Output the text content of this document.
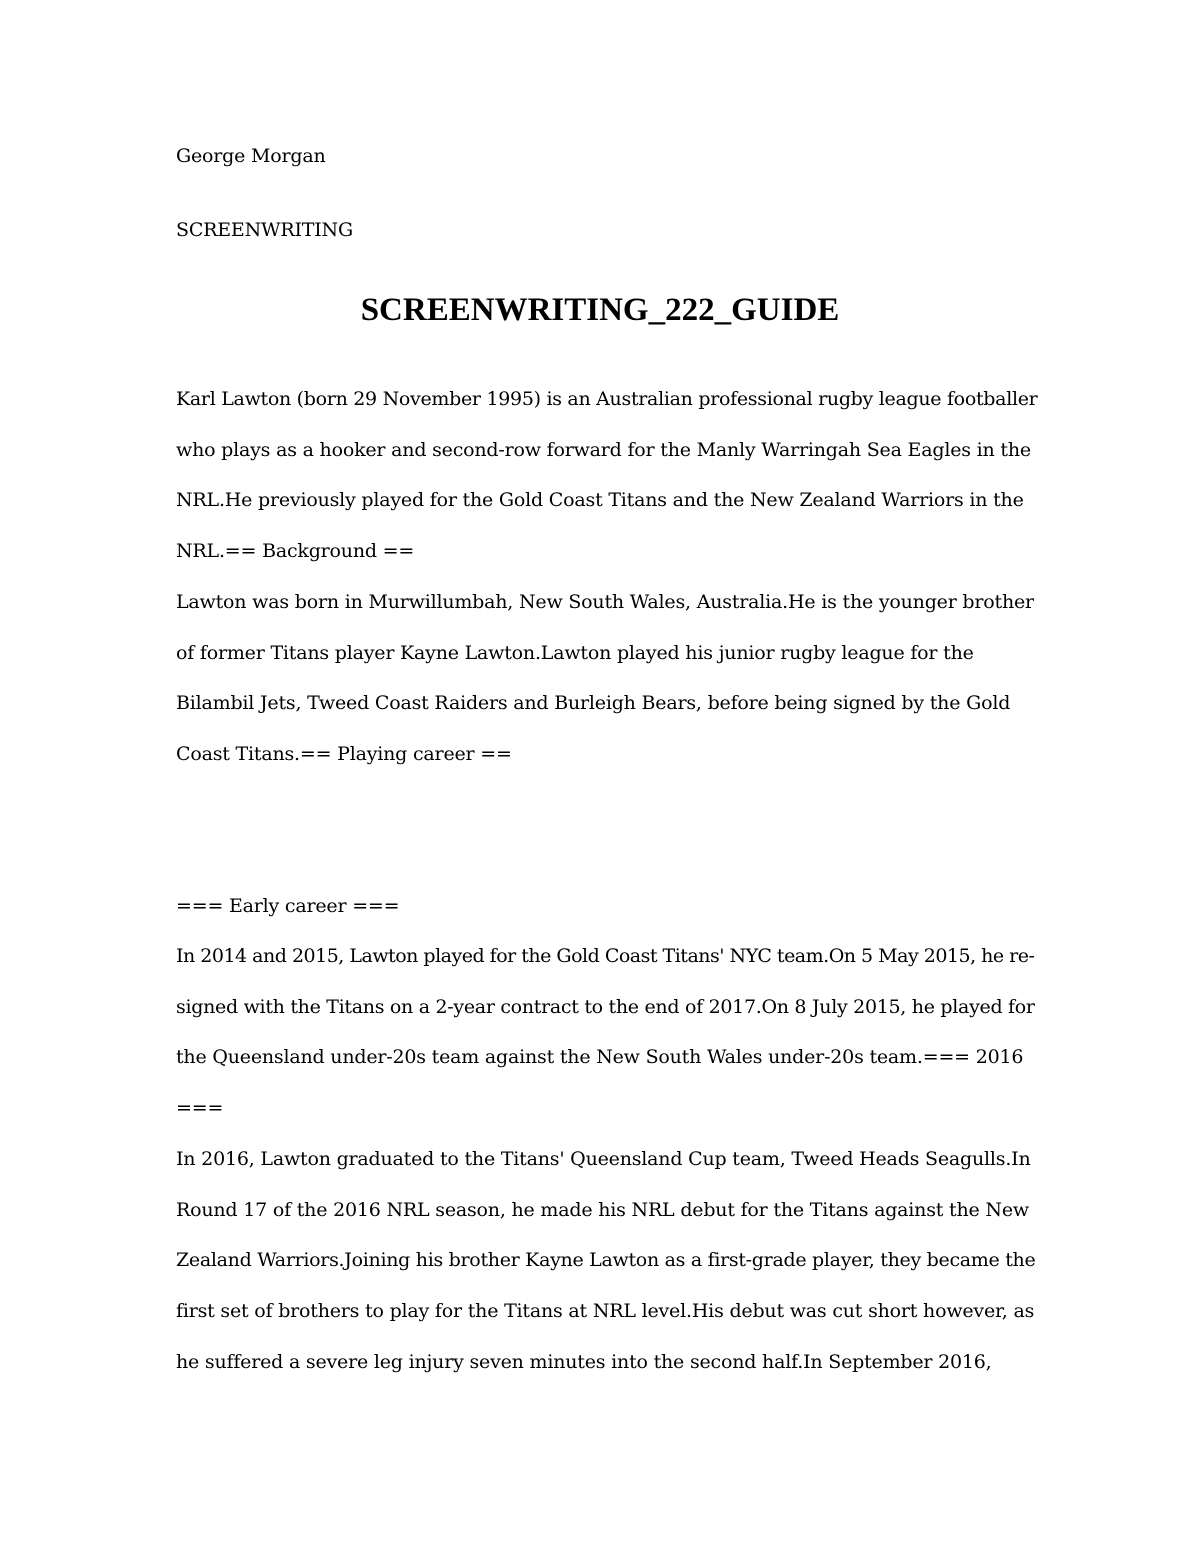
George Morgan
SCREENWRITING
SCREENWRITING_222_GUIDE
Karl Lawton (born 29 November 1995) is an Australian professional rugby league footballer
who plays as a hooker and second-row forward for the Manly Warringah Sea Eagles in the
NRL.He previously played for the Gold Coast Titans and the New Zealand Warriors in the
NRL.== Background ==
Lawton was born in Murwillumbah, New South Wales, Australia.He is the younger brother
of former Titans player Kayne Lawton.Lawton played his junior rugby league for the
Bilambil Jets, Tweed Coast Raiders and Burleigh Bears, before being signed by the Gold
Coast Titans.== Playing career ==
=== Early career ===
In 2014 and 2015, Lawton played for the Gold Coast Titans' NYC team.On 5 May 2015, he re-
signed with the Titans on a 2-year contract to the end of 2017.On 8 July 2015, he played for
the Queensland under-20s team against the New South Wales under-20s team.=== 2016
===
In 2016, Lawton graduated to the Titans' Queensland Cup team, Tweed Heads Seagulls.In
Round 17 of the 2016 NRL season, he made his NRL debut for the Titans against the New
Zealand Warriors.Joining his brother Kayne Lawton as a first-grade player, they became the
first set of brothers to play for the Titans at NRL level.His debut was cut short however, as
he suffered a severe leg injury seven minutes into the second half.In September 2016,
